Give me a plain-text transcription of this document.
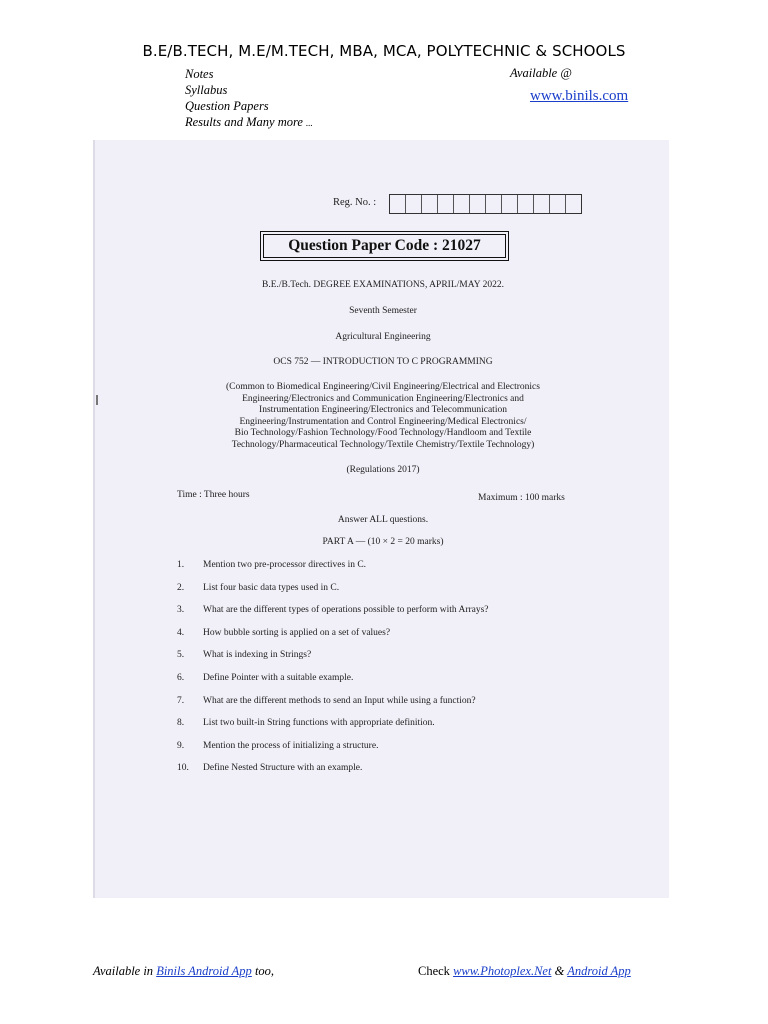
B.E/B.TECH, M.E/M.TECH, MBA, MCA, POLYTECHNIC & SCHOOLS
Notes
Syllabus
Question Papers
Results and Many more ...
Available @
www.binils.com
Reg. No. :
Question Paper Code : 21027
B.E./B.Tech. DEGREE EXAMINATIONS, APRIL/MAY 2022.
Seventh Semester
Agricultural Engineering
OCS 752 — INTRODUCTION TO C PROGRAMMING
(Common to Biomedical Engineering/Civil Engineering/Electrical and Electronics
Engineering/Electronics and Communication Engineering/Electronics and
Instrumentation Engineering/Electronics and Telecommunication
Engineering/Instrumentation and Control Engineering/Medical Electronics/
Bio Technology/Fashion Technology/Food Technology/Handloom and Textile
Technology/Pharmaceutical Technology/Textile Chemistry/Textile Technology)
(Regulations 2017)
Time : Three hours	Maximum : 100 marks
Answer ALL questions.
PART A — (10 × 2 = 20 marks)
1. Mention two pre-processor directives in C.
2. List four basic data types used in C.
3. What are the different types of operations possible to perform with Arrays?
4. How bubble sorting is applied on a set of values?
5. What is indexing in Strings?
6. Define Pointer with a suitable example.
7. What are the different methods to send an Input while using a function?
8. List two built-in String functions with appropriate definition.
9. Mention the process of initializing a structure.
10. Define Nested Structure with an example.
Available in Binils Android App too,	Check www.Photoplex.Net & Android App
